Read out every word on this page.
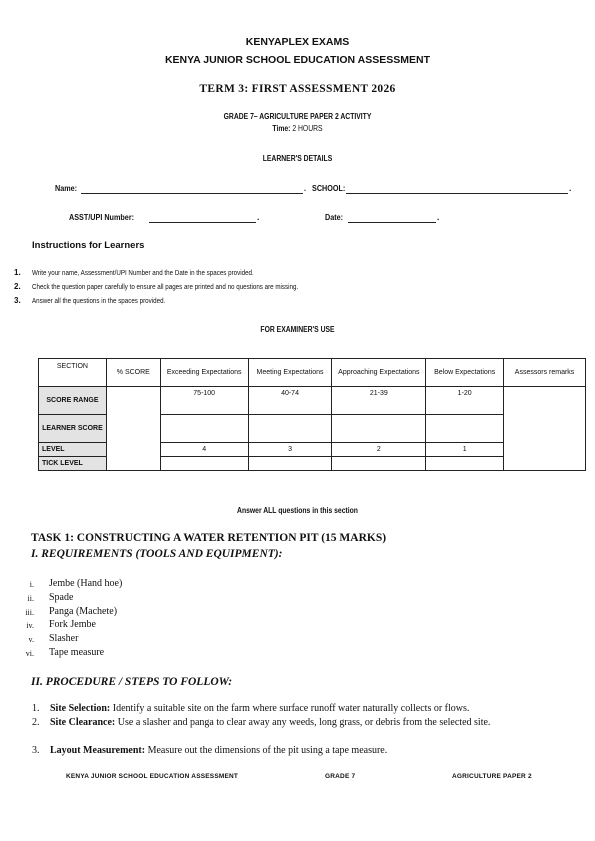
KENYAPLEX EXAMS
KENYA JUNIOR SCHOOL EDUCATION ASSESSMENT
TERM 3: FIRST ASSESSMENT 2026
GRADE 7– AGRICULTURE PAPER 2 ACTIVITY
Time: 2 HOURS
LEARNER'S DETAILS
Name:	. SCHOOL:	.
ASST/UPI Number:	.	Date:	.
Instructions for Learners
1. Write your name, Assessment/UPI Number and the Date in the spaces provided.
2. Check the question paper carefully to ensure all pages are printed and no questions are missing.
3. Answer all the questions in the spaces provided.
FOR EXAMINER'S USE
SECTION	% SCORE	Exceeding Expectations	Meeting Expectations	Approaching Expectations	Below Expectations	Assessors remarks
SCORE RANGE		75-100	40-74	21-39	1-20	
LEARNER SCORE						
LEVEL		4	3	2	1	
TICK LEVEL						
Answer ALL questions in this section
TASK 1: CONSTRUCTING A WATER RETENTION PIT (15 MARKS)
I. REQUIREMENTS (TOOLS AND EQUIPMENT):
i. Jembe (Hand hoe)
ii. Spade
iii. Panga (Machete)
iv. Fork Jembe
v. Slasher
vi. Tape measure
II. PROCEDURE / STEPS TO FOLLOW:
1. Site Selection: Identify a suitable site on the farm where surface runoff water naturally collects or flows.
2. Site Clearance: Use a slasher and panga to clear away any weeds, long grass, or debris from the selected site.
3. Layout Measurement: Measure out the dimensions of the pit using a tape measure.
KENYA JUNIOR SCHOOL EDUCATION ASSESSMENT	GRADE 7	AGRICULTURE PAPER 2
